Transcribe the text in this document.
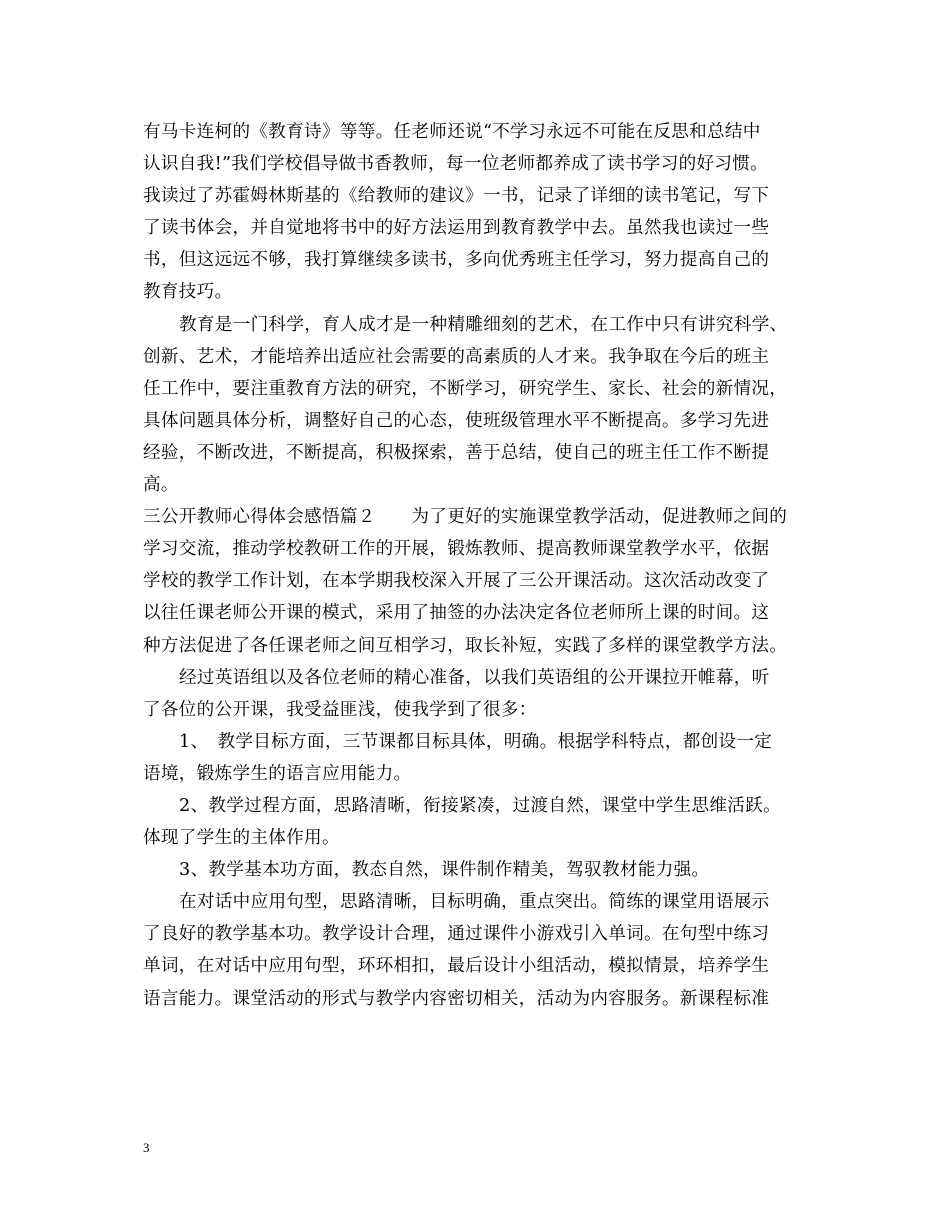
有马卡连柯的《教育诗》等等。任老师还说“不学习永远不可能在反思和总结中
认识自我!”我们学校倡导做书香教师，每一位老师都养成了读书学习的好习惯。
我读过了苏霍姆林斯基的《给教师的建议》一书，记录了详细的读书笔记，写下
了读书体会，并自觉地将书中的好方法运用到教育教学中去。虽然我也读过一些
书，但这远远不够，我打算继续多读书，多向优秀班主任学习，努力提高自己的
教育技巧。
教育是一门科学，育人成才是一种精雕细刻的艺术，在工作中只有讲究科学、
创新、艺术，才能培养出适应社会需要的高素质的人才来。我争取在今后的班主
任工作中，要注重教育方法的研究，不断学习，研究学生、家长、社会的新情况，
具体问题具体分析，调整好自己的心态，使班级管理水平不断提高。多学习先进
经验，不断改进，不断提高，积极探索，善于总结，使自己的班主任工作不断提
高。
三公开教师心得体会感悟篇２　　为了更好的实施课堂教学活动，促进教师之间的
学习交流，推动学校教研工作的开展，锻炼教师、提高教师课堂教学水平，依据
学校的教学工作计划，在本学期我校深入开展了三公开课活动。这次活动改变了
以往任课老师公开课的模式，采用了抽签的办法决定各位老师所上课的时间。这
种方法促进了各任课老师之间互相学习，取长补短，实践了多样的课堂教学方法。
经过英语组以及各位老师的精心准备，以我们英语组的公开课拉开帷幕，听
了各位的公开课，我受益匪浅，使我学到了很多：
1、　教学目标方面，三节课都目标具体，明确。根据学科特点，都创设一定
语境，锻炼学生的语言应用能力。
2、教学过程方面，思路清晰，衔接紧凑，过渡自然，课堂中学生思维活跃。
体现了学生的主体作用。
3、教学基本功方面，教态自然，课件制作精美，驾驭教材能力强。
在对话中应用句型，思路清晰，目标明确，重点突出。简练的课堂用语展示
了良好的教学基本功。教学设计合理，通过课件小游戏引入单词。在句型中练习
单词，在对话中应用句型，环环相扣，最后设计小组活动，模拟情景，培养学生
语言能力。课堂活动的形式与教学内容密切相关，活动为内容服务。新课程标准
3
